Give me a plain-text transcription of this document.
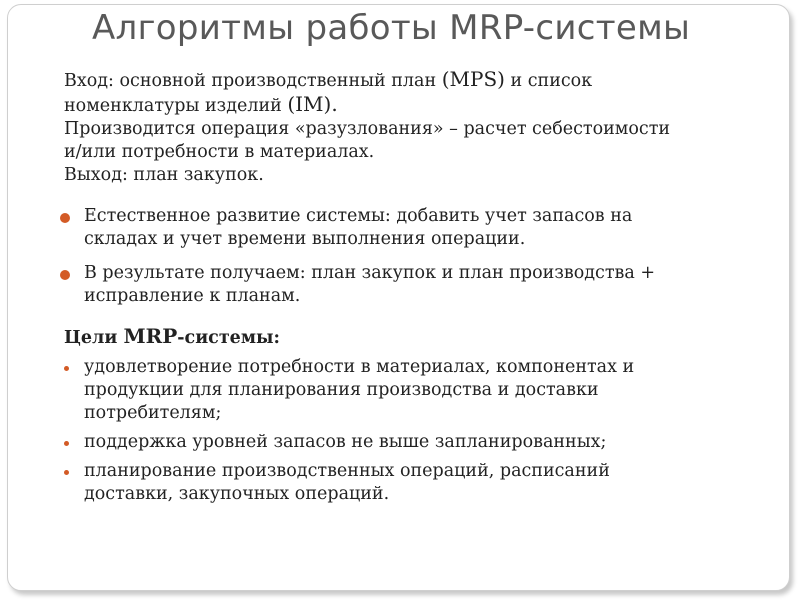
Алгоритмы работы MRP-системы

Вход: основной производственный план (MPS) и список

номенклатуры изделий (IM).

Производится операция «разузлования» – расчет себестоимости

и/или потребности в материалах.

Выход: план закупок.

Естественное развитие системы: добавить учет запасов на
складах и учет времени выполнения операции.
В результате получаем: план закупок и план производства +
исправление к планам.

Цели MRP-системы:

удовлетворение потребности в материалах, компонентах и
продукции для планирования производства и доставки
потребителям;
поддержка уровней запасов не выше запланированных;
планирование производственных операций, расписаний
доставки, закупочных операций.
